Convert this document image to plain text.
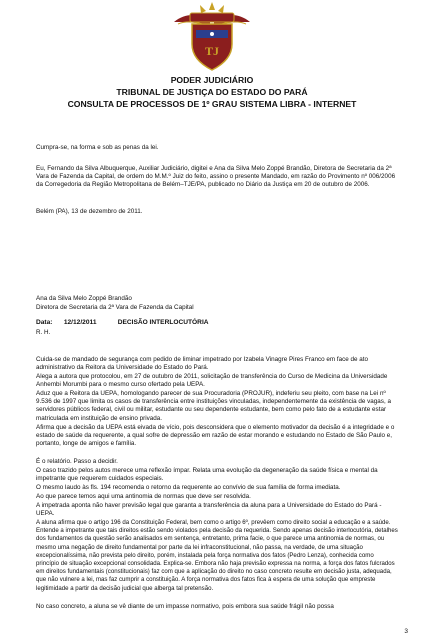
TJ
PODER JUDICIÁRIO
TRIBUNAL DE JUSTIÇA DO ESTADO DO PARÁ
CONSULTA DE PROCESSOS DE 1º GRAU SISTEMA LIBRA - INTERNET
Cumpra-se, na forma e sob as penas da lei.
Eu, Fernando da Silva Albuquerque, Auxiliar Judiciário, digitei e Ana da Silva Melo Zoppé Brandão, Diretora de Secretaria da 2ª Vara de Fazenda da Capital, de ordem do M.M.º Juiz do feito, assino o presente Mandado, em razão do Provimento nº 006/2006 da Corregedoria da Região Metropolitana de Belém–TJE/PA, publicado no Diário da Justiça em 20 de outubro de 2006.
Belém (PA), 13 de dezembro de 2011.
Ana da Silva Melo Zoppé Brandão
Diretora de Secretaria da 2ª Vara de Fazenda da Capital
Data: 12/12/2011	DECISÃO INTERLOCUTÓRIA
R. H.
Cuida-se de mandado de segurança com pedido de liminar impetrado por Izabela Vinagre Pires Franco em face de ato administrativo da Reitora da Universidade do Estado do Pará.
Alega a autora que protocolou, em 27 de outubro de 2011, solicitação de transferência do Curso de Medicina da Universidade Anhembi Morumbi para o mesmo curso ofertado pela UEPA.
Aduz que a Reitora da UEPA, homologando parecer de sua Procuradoria (PROJUR), indeferiu seu pleito, com base na Lei nº 9.536 de 1997 que limita os casos de transferência entre instituições vinculadas, independentemente da existência de vagas, a servidores públicos federal, civil ou militar, estudante ou seu dependente estudante, bem como pelo fato de a estudante estar matriculada em instituição de ensino privada.
Afirma que a decisão da UEPA está eivada de vício, pois desconsidera que o elemento motivador da decisão é a integridade e o estado de saúde da requerente, a qual sofre de depressão em razão de estar morando e estudando no Estado de São Paulo e, portanto, longe de amigos e família.
É o relatório. Passo a decidir.
O caso trazido pelos autos merece uma reflexão ímpar. Relata uma evolução da degeneração da saúde física e mental da impetrante que requerem cuidados especiais.
O mesmo laudo às fls. 194 recomenda o retorno da requerente ao convívio de sua família de forma imediata.
Ao que parece temos aqui uma antinomia de normas que deve ser resolvida.
A impetrada aponta não haver previsão legal que garanta a transferência da aluna para a Universidade do Estado do Pará - UEPA.
A aluna afirma que o artigo 196 da Constituição Federal, bem como o artigo 6º, prevêem como direito social a educação e a saúde. Entende a impetrante que tais direitos estão sendo violados pela decisão da requerida. Sendo apenas decisão interlocutória, detalhes dos fundamentos da questão serão analisados em sentença, entretanto, prima facie, o que parece uma antinomia de normas, ou mesmo uma negação de direito fundamental por parte da lei infraconstitucional, não passa, na verdade, de uma situação excepcionalíssima, não prevista pelo direito, porém, instalada pela força normativa dos fatos (Pedro Lenza), conhecida como princípio de situação excepcional consolidada. Explica-se. Embora não haja previsão expressa na norma, a força dos fatos fulcrados em direitos fundamentais (constitucionais) faz com que a aplicação do direito no caso concreto resulte em decisão justa, adequada, que não vulnere a lei, mas faz cumprir a constituição. A força normativa dos fatos fica à espera de uma solução que empreste legitimidade a partir da decisão judicial que alberga tal pretensão.
No caso concreto, a aluna se vê diante de um impasse normativo, pois embora sua saúde frágil não possa
3
